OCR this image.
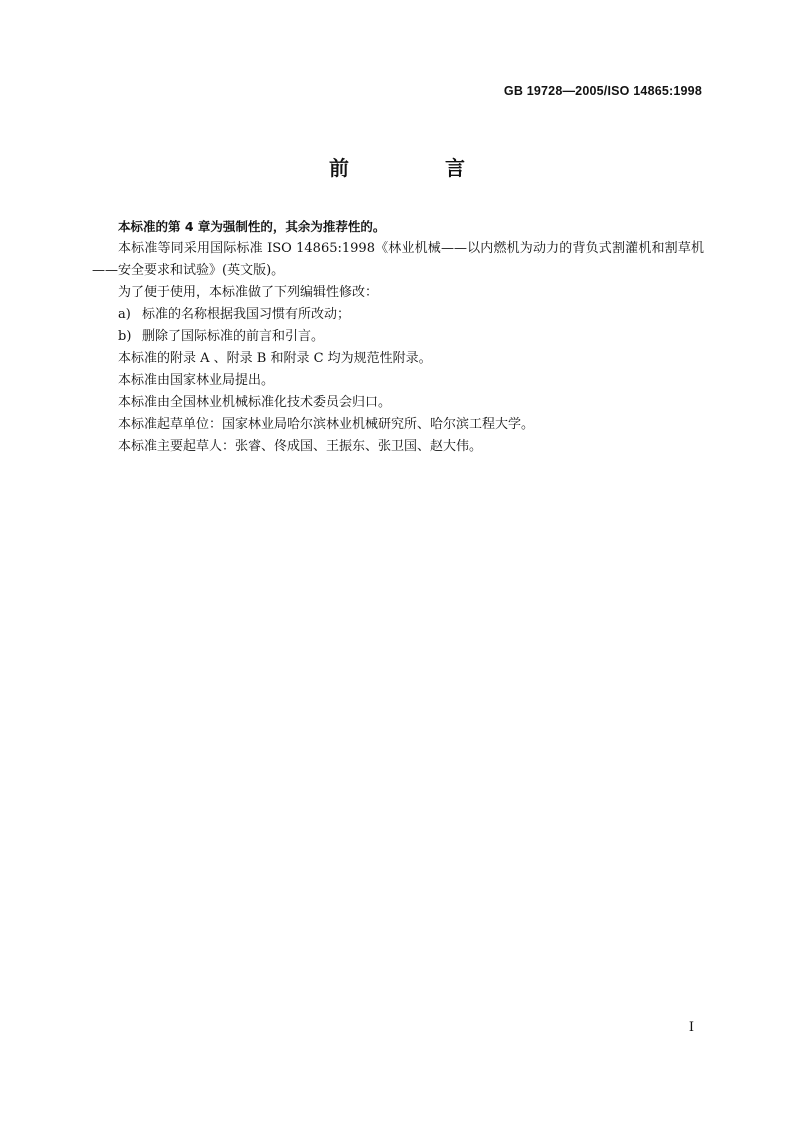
GB 19728—2005/ISO 14865:1998
前　言

本标准的第 4 章为强制性的，其余为推荐性的。

本标准等同采用国际标准 ISO 14865:1998《林业机械——以内燃机为动力的背负式割灌机和割草机——安全要求和试验》(英文版)。

为了便于使用，本标准做了下列编辑性修改：

a) 标准的名称根据我国习惯有所改动；

b) 删除了国际标准的前言和引言。

本标准的附录 A 、附录 B 和附录 C 均为规范性附录。

本标准由国家林业局提出。

本标准由全国林业机械标准化技术委员会归口。

本标准起草单位：国家林业局哈尔滨林业机械研究所、哈尔滨工程大学。

本标准主要起草人：张睿、佟成国、王振东、张卫国、赵大伟。

I
